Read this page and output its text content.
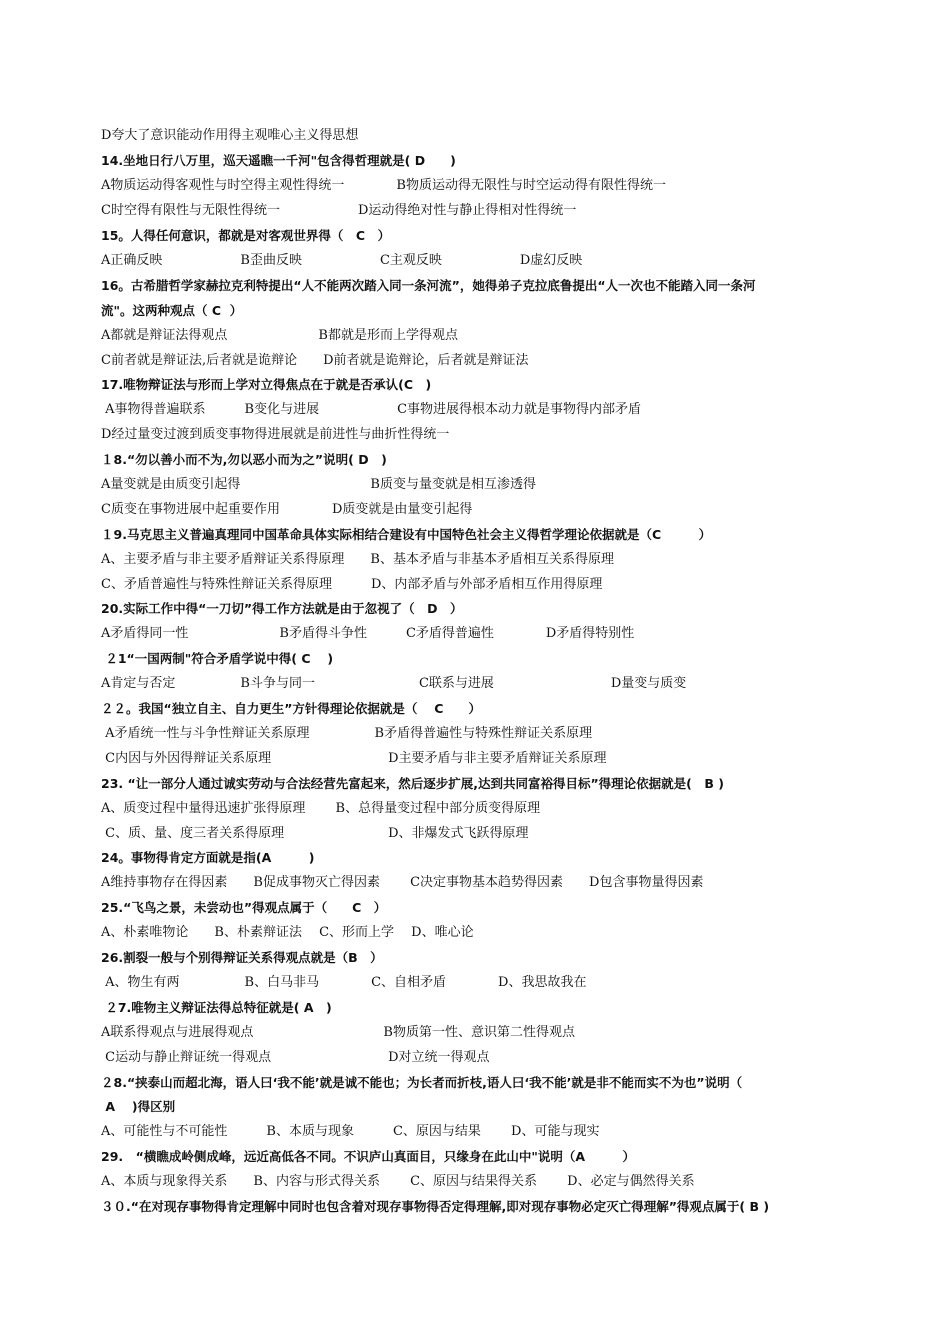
D夸大了意识能动作用得主观唯心主义得思想
14.坐地日行八万里，巡天遥瞧一千河"包含得哲理就是( D　　)
A物质运动得客观性与时空得主观性得统一　　　　B物质运动得无限性与时空运动得有限性得统一
C时空得有限性与无限性得统一　　　　　　D运动得绝对性与静止得相对性得统一
15。人得任何意识，都就是对客观世界得（　C　）
A正确反映　　　　　　B歪曲反映　　　　　　C主观反映　　　　　　D虚幻反映
16。古希腊哲学家赫拉克利特提出“人不能两次踏入同一条河流”，她得弟子克拉底鲁提出“人一次也不能踏入同一条河
流"。这两种观点（ C  ）
A都就是辩证法得观点　　　　　　　B都就是形而上学得观点
C前者就是辩证法,后者就是诡辩论　　D前者就是诡辩论，后者就是辩证法
17.唯物辩证法与形而上学对立得焦点在于就是否承认(C　)
A事物得普遍联系　　　B变化与进展　　　　　　C事物进展得根本动力就是事物得内部矛盾
D经过量变过渡到质变事物得进展就是前进性与曲折性得统一
１8.“勿以善小而不为,勿以恶小而为之”说明( D　)
A量变就是由质变引起得　　　　　　　　　　B质变与量变就是相互渗透得
C质变在事物进展中起重要作用　　　　D质变就是由量变引起得
１9.马克思主义普遍真理同中国革命具体实际相结合建设有中国特色社会主义得哲学理论依据就是（C　　　）
A、主要矛盾与非主要矛盾辩证关系得原理　　B、基本矛盾与非基本矛盾相互关系得原理
C、矛盾普遍性与特殊性辩证关系得原理　　　D、内部矛盾与外部矛盾相互作用得原理
20.实际工作中得“一刀切”得工作方法就是由于忽视了（　D　）
A矛盾得同一性　　　　　　　B矛盾得斗争性　　　C矛盾得普遍性　　　　D矛盾得特别性
２1“一国两制"符合矛盾学说中得( C　 )
A肯定与否定　　　　　B斗争与同一　　　　　　　　C联系与进展　　　　　　　　　D量变与质变
２２。我国“独立自主、自力更生”方针得理论依据就是（　 C　　）
A矛盾统一性与斗争性辩证关系原理　　　　　B矛盾得普遍性与特殊性辩证关系原理
C内因与外因得辩证关系原理　　　　　　　　　D主要矛盾与非主要矛盾辩证关系原理
23. “让一部分人通过诚实劳动与合法经营先富起来，然后逐步扩展,达到共同富裕得目标”得理论依据就是(　B )
A、质变过程中量得迅速扩张得原理　　 B、总得量变过程中部分质变得原理
C、质、量、度三者关系得原理　　　　　　　　D、非爆发式飞跃得原理
24。事物得肯定方面就是指(A　　　)
A维持事物存在得因素　　B促成事物灭亡得因素　　 C决定事物基本趋势得因素　　D包含事物量得因素
25.“飞鸟之景，未尝动也”得观点属于（　　C　）
A、朴素唯物论　　B、朴素辩证法　 C、形而上学　 D、唯心论
26.割裂一般与个别得辩证关系得观点就是（B　）
A、物生有两　　　　　B、白马非马　　　　C、自相矛盾　　　　D、我思故我在
２7.唯物主义辩证法得总特征就是( A　)
A联系得观点与进展得观点　　　　　　　　　　B物质第一性、意识第二性得观点
C运动与静止辩证统一得观点　　　　　　　　　D对立统一得观点
２8.“挟泰山而超北海，语人曰‘我不能’就是诚不能也；为长者而折枝,语人曰‘我不能’就是非不能而实不为也”说明（
A　 )得区别
A、可能性与不可能性　　　B、本质与现象　　　C、原因与结果　　 D、可能与现实
29.　“横瞧成岭侧成峰，远近高低各不同。不识庐山真面目，只缘身在此山中"说明（A　　　）
A、本质与现象得关系　　B、内容与形式得关系　　 C、原因与结果得关系　　 D、必定与偶然得关系
３０.“在对现存事物得肯定理解中同时也包含着对现存事物得否定得理解,即对现存事物必定灭亡得理解”得观点属于( B )
